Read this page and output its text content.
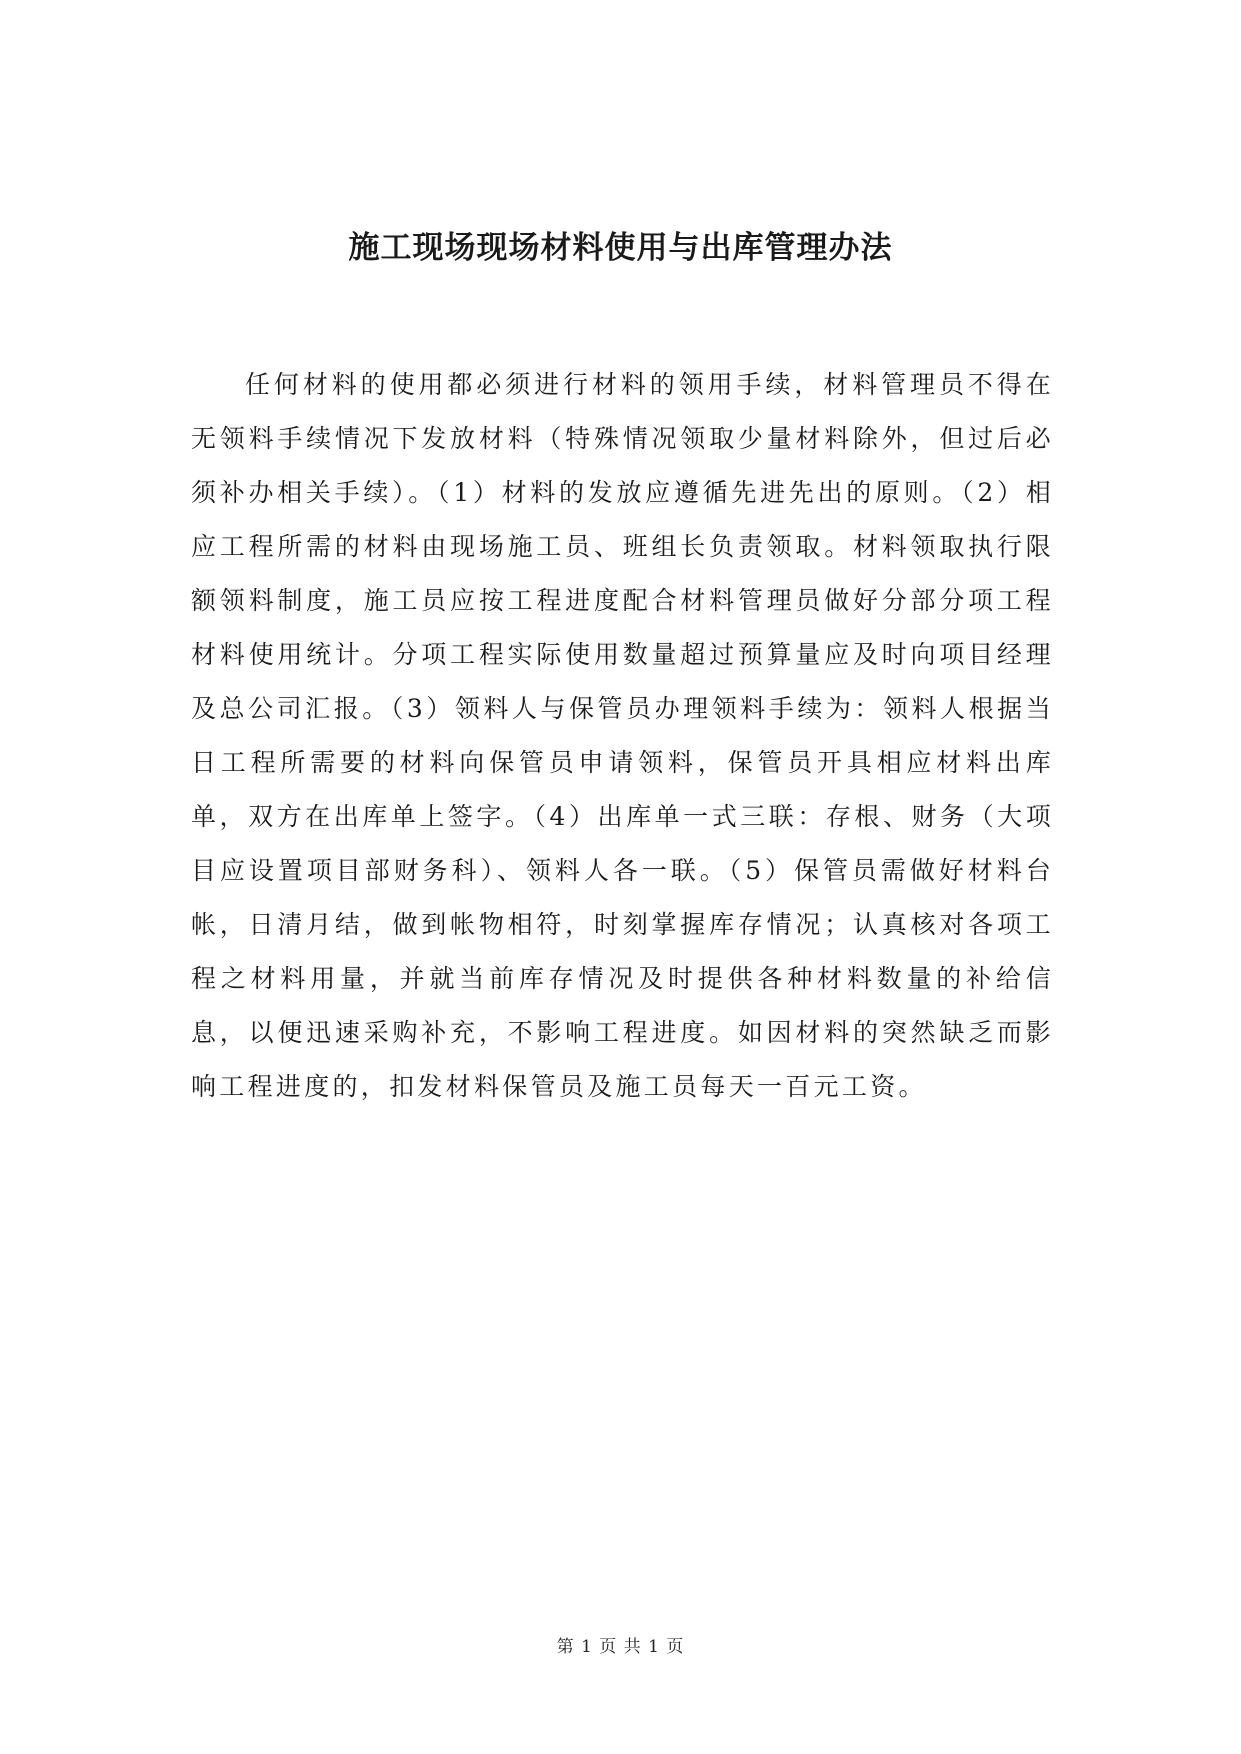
施工现场现场材料使用与出库管理办法

任何材料的使用都必须进行材料的领用手续，材料管理员不得在无领料手续情况下发放材料（特殊情况领取少量材料除外，但过后必须补办相关手续）。（1）材料的发放应遵循先进先出的原则。（2）相应工程所需的材料由现场施工员、班组长负责领取。材料领取执行限额领料制度，施工员应按工程进度配合材料管理员做好分部分项工程材料使用统计。分项工程实际使用数量超过预算量应及时向项目经理及总公司汇报。（3）领料人与保管员办理领料手续为：领料人根据当日工程所需要的材料向保管员申请领料，保管员开具相应材料出库单，双方在出库单上签字。（4）出库单一式三联：存根、财务（大项目应设置项目部财务科）、领料人各一联。（5）保管员需做好材料台帐，日清月结，做到帐物相符，时刻掌握库存情况；认真核对各项工程之材料用量，并就当前库存情况及时提供各种材料数量的补给信息，以便迅速采购补充，不影响工程进度。如因材料的突然缺乏而影响工程进度的，扣发材料保管员及施工员每天一百元工资。

第 1 页 共 1 页
